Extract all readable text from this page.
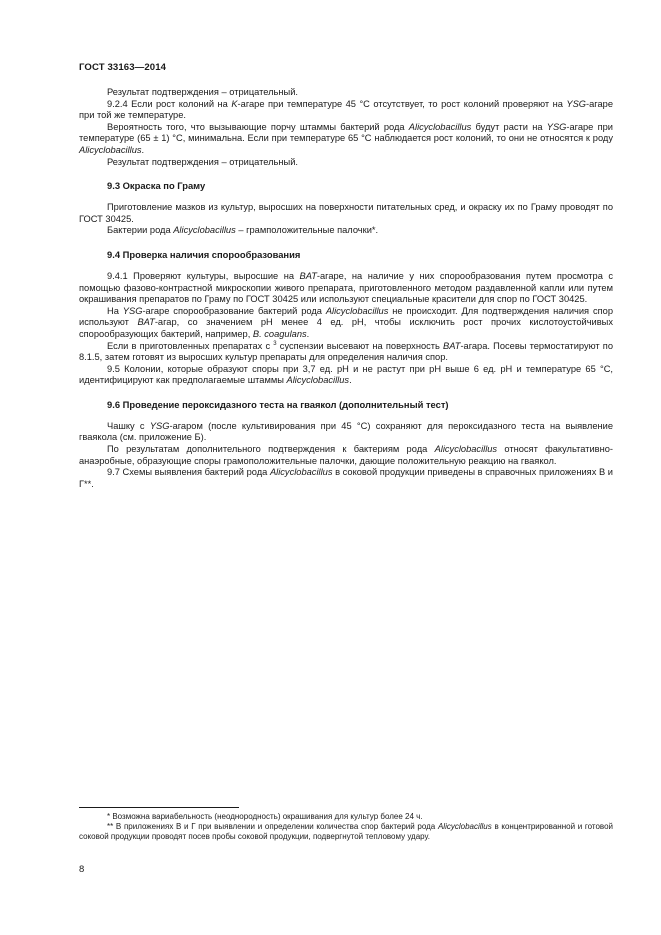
ГОСТ 33163—2014

Результат подтверждения – отрицательный.

9.2.4 Если рост колоний на K-агаре при температуре 45 °С отсутствует, то рост колоний проверяют на YSG-агаре при той же температуре.

Вероятность того, что вызывающие порчу штаммы бактерий рода Alicyclobacillus будут расти на YSG-агаре при температуре (65 ± 1) °С, минимальна. Если при температуре 65 °С наблюдается рост колоний, то они не относятся к роду Alicyclobacillus.

Результат подтверждения – отрицательный.

9.3 Окраска по Граму

Приготовление мазков из культур, выросших на поверхности питательных сред, и окраску их по Граму проводят по ГОСТ 30425.

Бактерии рода Alicyclobacillus – грамположительные палочки*.

9.4 Проверка наличия спорообразования

9.4.1 Проверяют культуры, выросшие на BAT-агаре, на наличие у них спорообразования путем просмотра с помощью фазово-контрастной микроскопии живого препарата, приготовленного методом раздавленной капли или путем окрашивания препаратов по Граму по ГОСТ 30425 или используют специальные красители для спор по ГОСТ 30425.

На YSG-агаре спорообразование бактерий рода Alicyclobacillus не происходит. Для подтверждения наличия спор используют BAT-агар, со значением pH менее 4 ед. pH, чтобы исключить рост прочих кислотоустойчивых спорообразующих бактерий, например, B. coagulans.

Если в приготовленных препаратах с $^3$ суспензии высевают на поверхность BAT-агара. Посевы термостатируют по 8.1.5, затем готовят из выросших культур препараты для определения наличия спор.

9.5 Колонии, которые образуют споры при 3,7 ед. pH и не растут при pH выше 6 ед. pH и температуре 65 °С, идентифицируют как предполагаемые штаммы Alicyclobacillus.

9.6 Проведение пероксидазного теста на гваякол (дополнительный тест)

Чашку с YSG-агаром (после культивирования при 45 °С) сохраняют для пероксидазного теста на выявление гваякола (см. приложение Б).

По результатам дополнительного подтверждения к бактериям рода Alicyclobacillus относят факультативно-анаэробные, образующие споры грамоположительные палочки, дающие положительную реакцию на гваякол.

9.7 Схемы выявления бактерий рода Alicyclobacillus в соковой продукции приведены в справочных приложениях В и Г**.

* Возможна вариабельность (неоднородность) окрашивания для культур более 24 ч.

** В приложениях В и Г при выявлении и определении количества спор бактерий рода Alicyclobacillus в концентрированной и готовой соковой продукции проводят посев пробы соковой продукции, подвергнутой тепловому удару.

8
